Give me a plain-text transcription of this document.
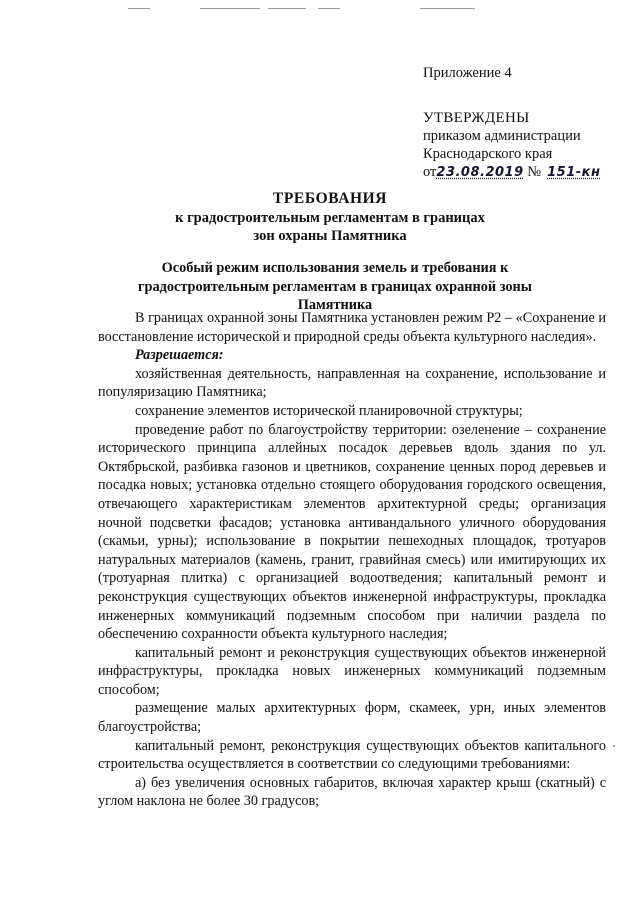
Приложение 4
УТВЕРЖДЕНЫ
приказом администрации
Краснодарского края
от23.08.2019 № 151-кн
ТРЕБОВАНИЯ
к градостроительным регламентам в границах
зон охраны Памятника
Особый режим использования земель и требования к
градостроительным регламентам в границах охранной зоны Памятника

В границах охранной зоны Памятника установлен режим Р2 – «Сохранение и восстановление исторической и природной среды объекта культурного наследия».

Разрешается:

хозяйственная деятельность, направленная на сохранение, использование и популяризацию Памятника;

сохранение элементов исторической планировочной структуры;

проведение работ по благоустройству территории: озеленение – сохранение исторического принципа аллейных посадок деревьев вдоль здания по ул. Октябрьской, разбивка газонов и цветников, сохранение ценных пород деревьев и посадка новых; установка отдельно стоящего оборудования городского освещения, отвечающего характеристикам элементов архитектурной среды; организация ночной подсветки фасадов; установка антивандального уличного оборудования (скамьи, урны); использование в покрытии пешеходных площадок, тротуаров натуральных материалов (камень, гранит, гравийная смесь) или имитирующих их (тротуарная плитка) с организацией водоотведения; капитальный ремонт и реконструкция существующих объектов инженерной инфраструктуры, прокладка инженерных коммуникаций подземным способом при наличии раздела по обеспечению сохранности объекта культурного наследия;

капитальный ремонт и реконструкция существующих объектов инженерной инфраструктуры, прокладка новых инженерных коммуникаций подземным способом;

размещение малых архитектурных форм, скамеек, урн, иных элементов благоустройства;

капитальный ремонт, реконструкция существующих объектов капитального строительства осуществляется в соответствии со следующими требованиями:

а) без увеличения основных габаритов, включая характер крыш (скатный) с углом наклона не более 30 градусов;
